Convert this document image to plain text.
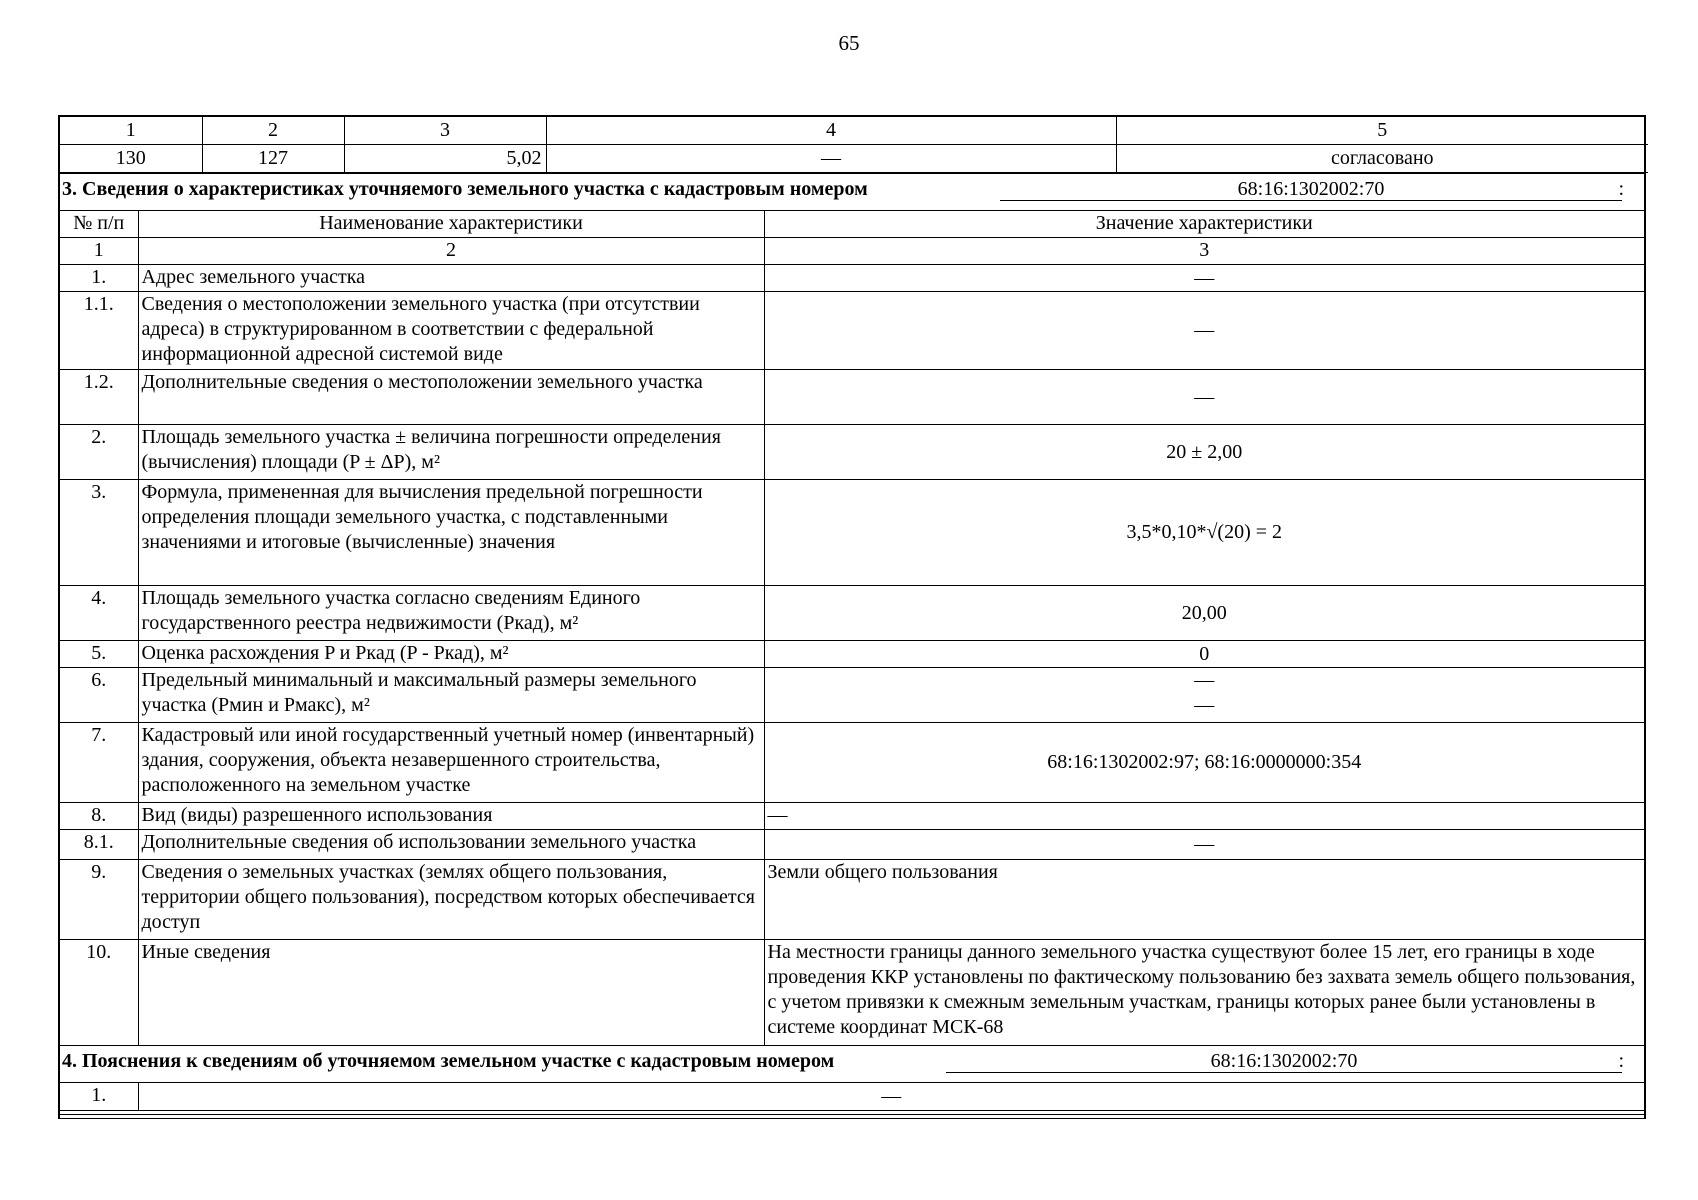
65
1	2	3	4	5
130	127	5,02	—	согласовано
3. Сведения о характеристиках уточняемого земельного участка с кадастровым номером	68:16:1302002:70	:
№ п/п	Наименование характеристики	Значение характеристики
1	2	3
1.	Адрес земельного участка	—
1.1.	Сведения о местоположении земельного участка (при отсутствии адреса) в структурированном в соответствии с федеральной информационной адресной системой виде	—
1.2.	Дополнительные сведения о местоположении земельного участка	—
2.	Площадь земельного участка ± величина погрешности определения (вычисления) площади (P ± ΔP), м²	20 ± 2,00
3.	Формула, примененная для вычисления предельной погрешности определения площади земельного участка, с подставленными значениями и итоговые (вычисленные) значения	3,5*0,10*√(20) = 2
4.	Площадь земельного участка согласно сведениям Единого государственного реестра недвижимости (Ркад), м²	20,00
5.	Оценка расхождения P и Ркад (P - Ркад), м²	0
6.	Предельный минимальный и максимальный размеры земельного участка (Рмин и Рмакс), м²	—
—

7.	Кадастровый или иной государственный учетный номер (инвентарный) здания, сооружения, объекта незавершенного строительства, расположенного на земельном участке	68:16:1302002:97; 68:16:0000000:354
8.	Вид (виды) разрешенного использования	—
8.1.	Дополнительные сведения об использовании земельного участка	—
9.	Сведения о земельных участках (землях общего пользования, территории общего пользования), посредством которых обеспечивается доступ	Земли общего пользования
10.	Иные сведения	На местности границы данного земельного участка существуют более 15 лет, его границы в ходе проведения ККР установлены по фактическому пользованию без захвата земель общего пользования, с учетом привязки к смежным земельным участкам, границы которых ранее были установлены в системе координат МСК-68
4. Пояснения к сведениям об уточняемом земельном участке с кадастровым номером	68:16:1302002:70	:
1.	—
